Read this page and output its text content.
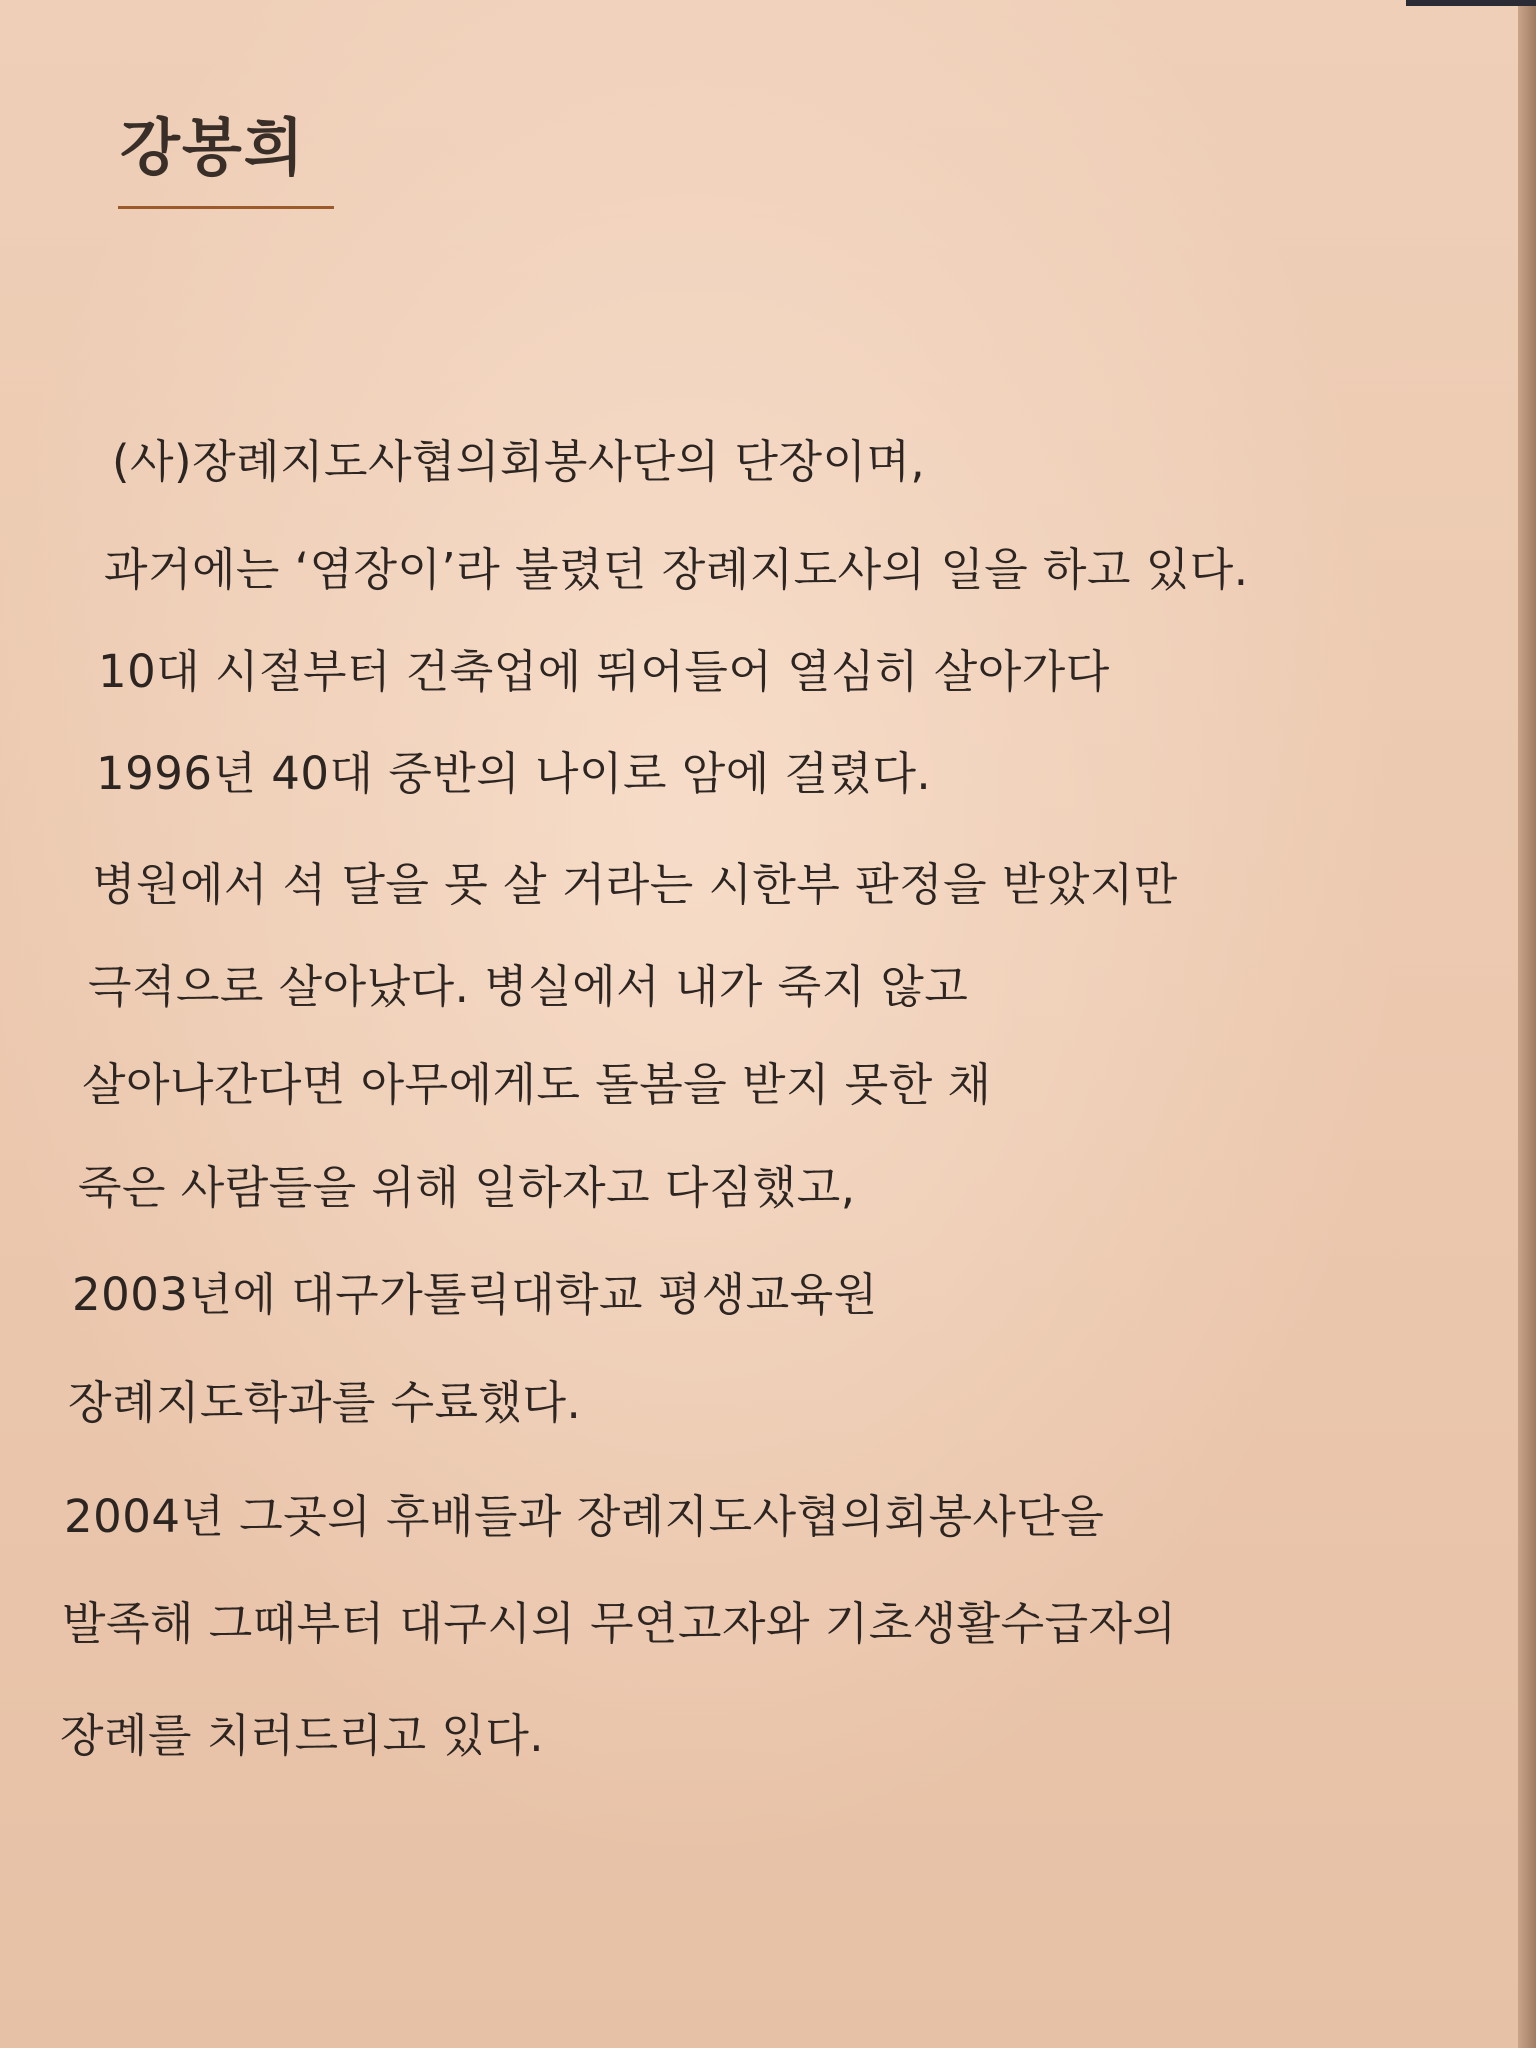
강봉희

(사)장례지도사협의회봉사단의 단장이며,

과거에는 ‘염장이’라 불렸던 장례지도사의 일을 하고 있다.

10대 시절부터 건축업에 뛰어들어 열심히 살아가다

1996년 40대 중반의 나이로 암에 걸렸다.

병원에서 석 달을 못 살 거라는 시한부 판정을 받았지만

극적으로 살아났다. 병실에서 내가 죽지 않고

살아나간다면 아무에게도 돌봄을 받지 못한 채

죽은 사람들을 위해 일하자고 다짐했고,

2003년에 대구가톨릭대학교 평생교육원

장례지도학과를 수료했다.

2004년 그곳의 후배들과 장례지도사협의회봉사단을

발족해 그때부터 대구시의 무연고자와 기초생활수급자의

장례를 치러드리고 있다.
